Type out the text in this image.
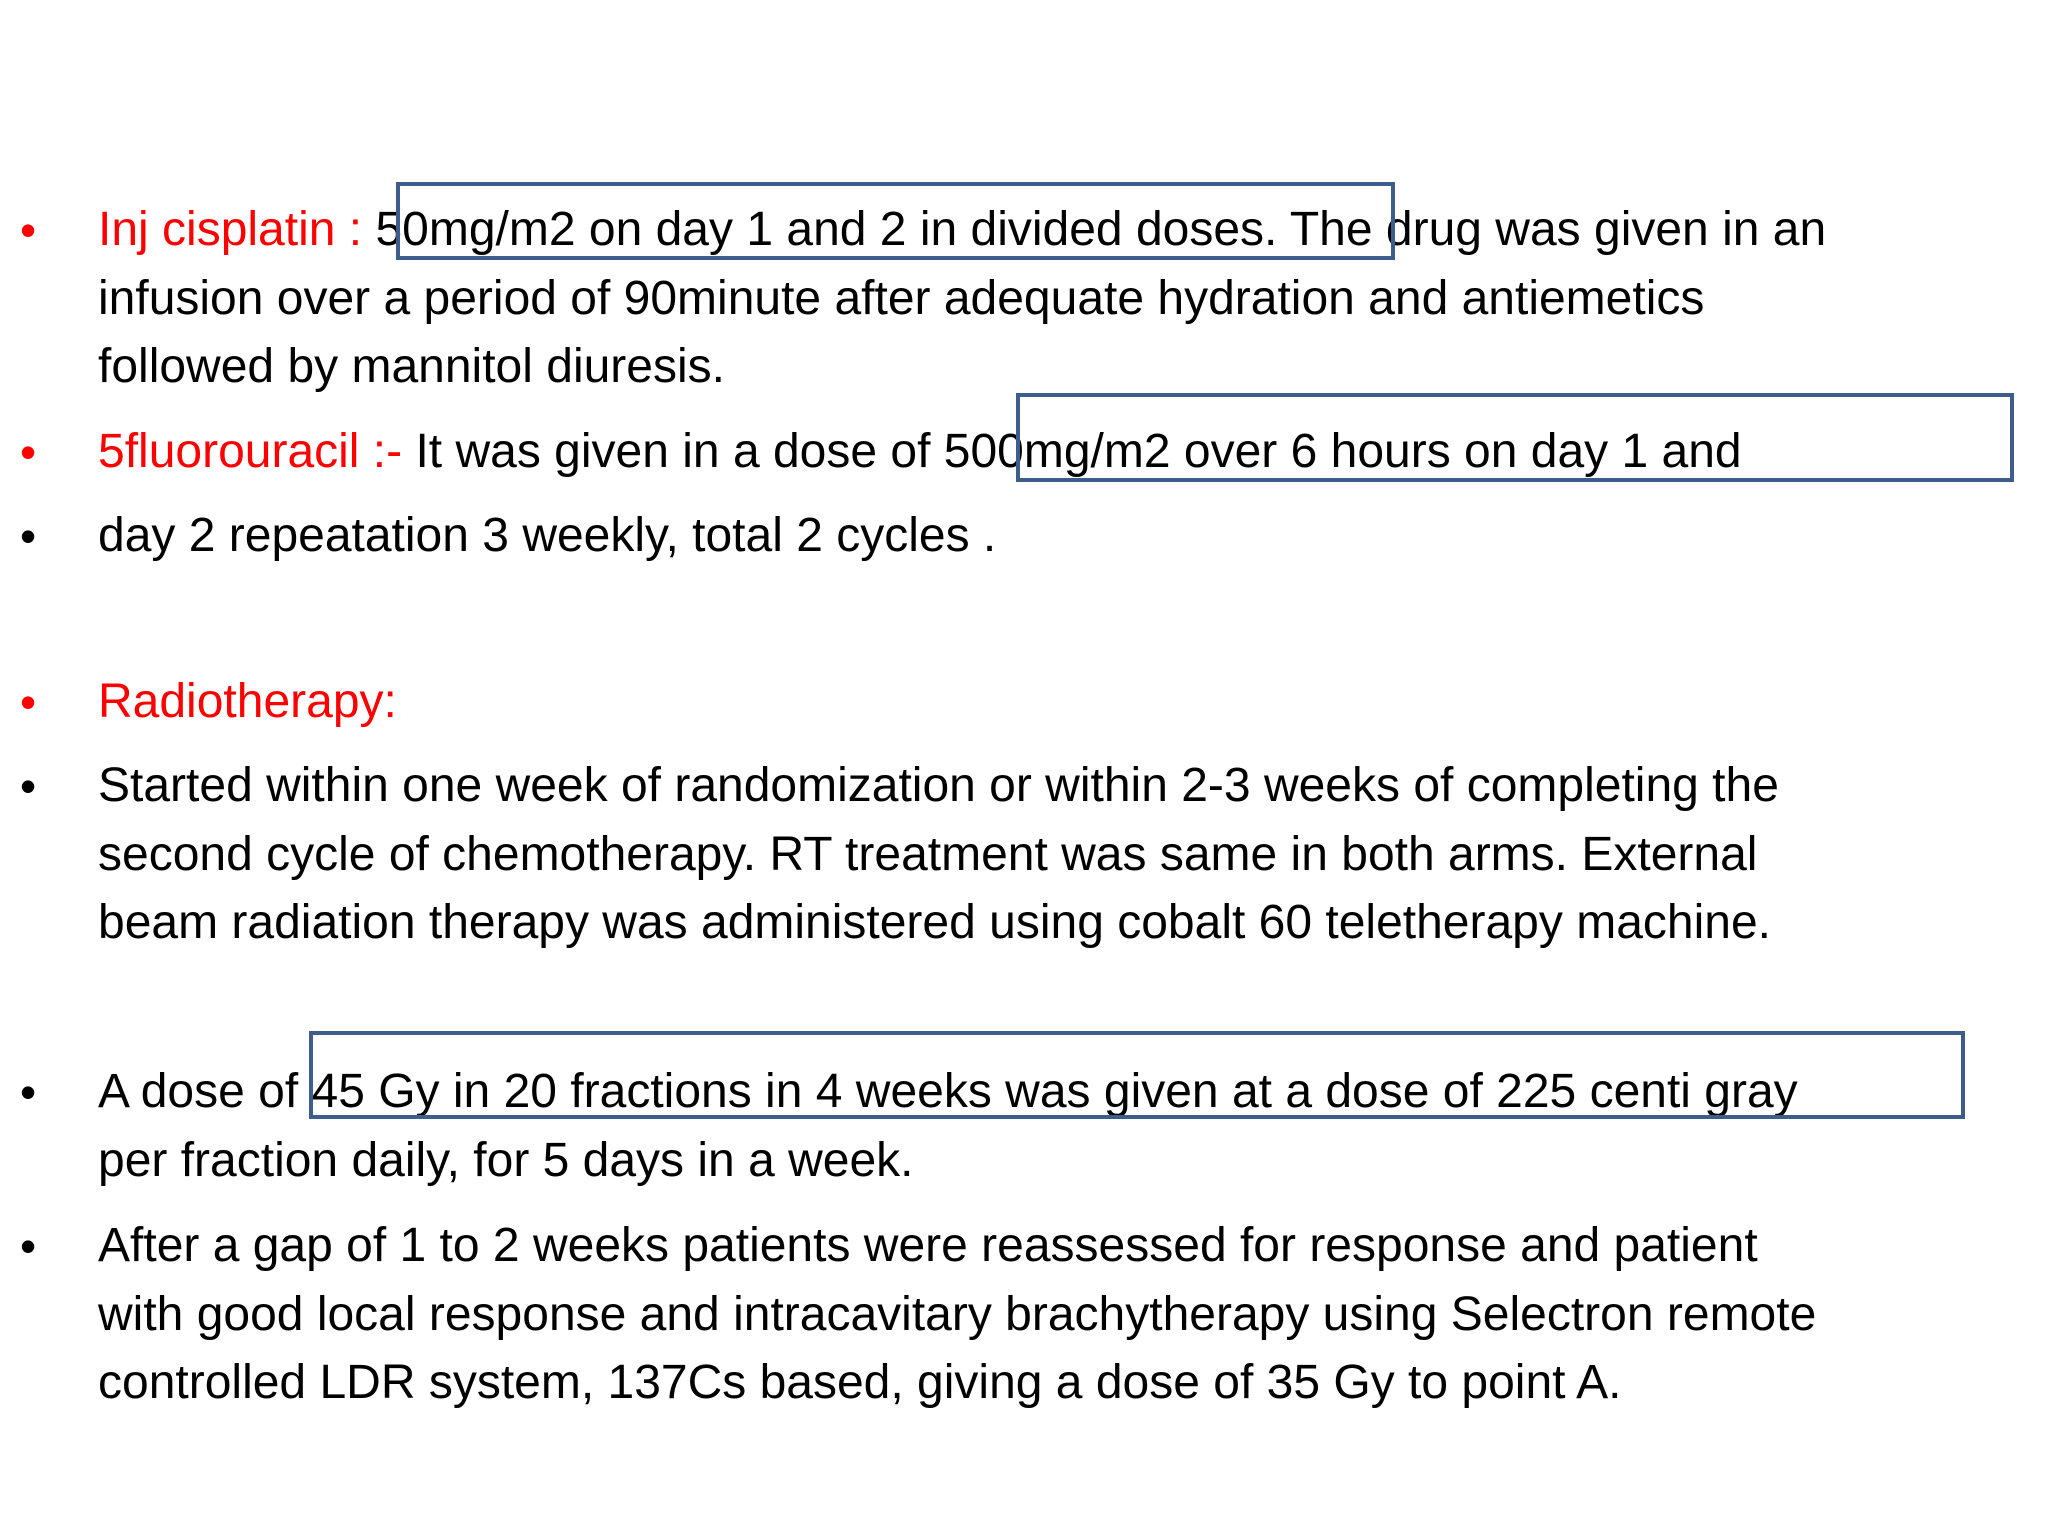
•	Inj cisplatin : 50mg/m2 on day 1 and 2 in divided doses. The drug was given in an
infusion over a period of 90minute after adequate hydration and antiemetics
followed by mannitol diuresis.
•	5fluorouracil :- It was given in a dose of 500mg/m2 over 6 hours on day 1 and
•	day 2 repeatation 3 weekly, total 2 cycles .
•	Radiotherapy:
•	Started within one week of randomization or within 2-3 weeks of completing the
second cycle of chemotherapy. RT treatment was same in both arms. External
beam radiation therapy was administered using cobalt 60 teletherapy machine.
•	A dose of 45 Gy in 20 fractions in 4 weeks was given at a dose of 225 centi gray
per fraction daily, for 5 days in a week.
•	After a gap of 1 to 2 weeks patients were reassessed for response and patient
with good local response and intracavitary brachytherapy using Selectron remote
controlled LDR system, 137Cs based, giving a dose of 35 Gy to point A.
